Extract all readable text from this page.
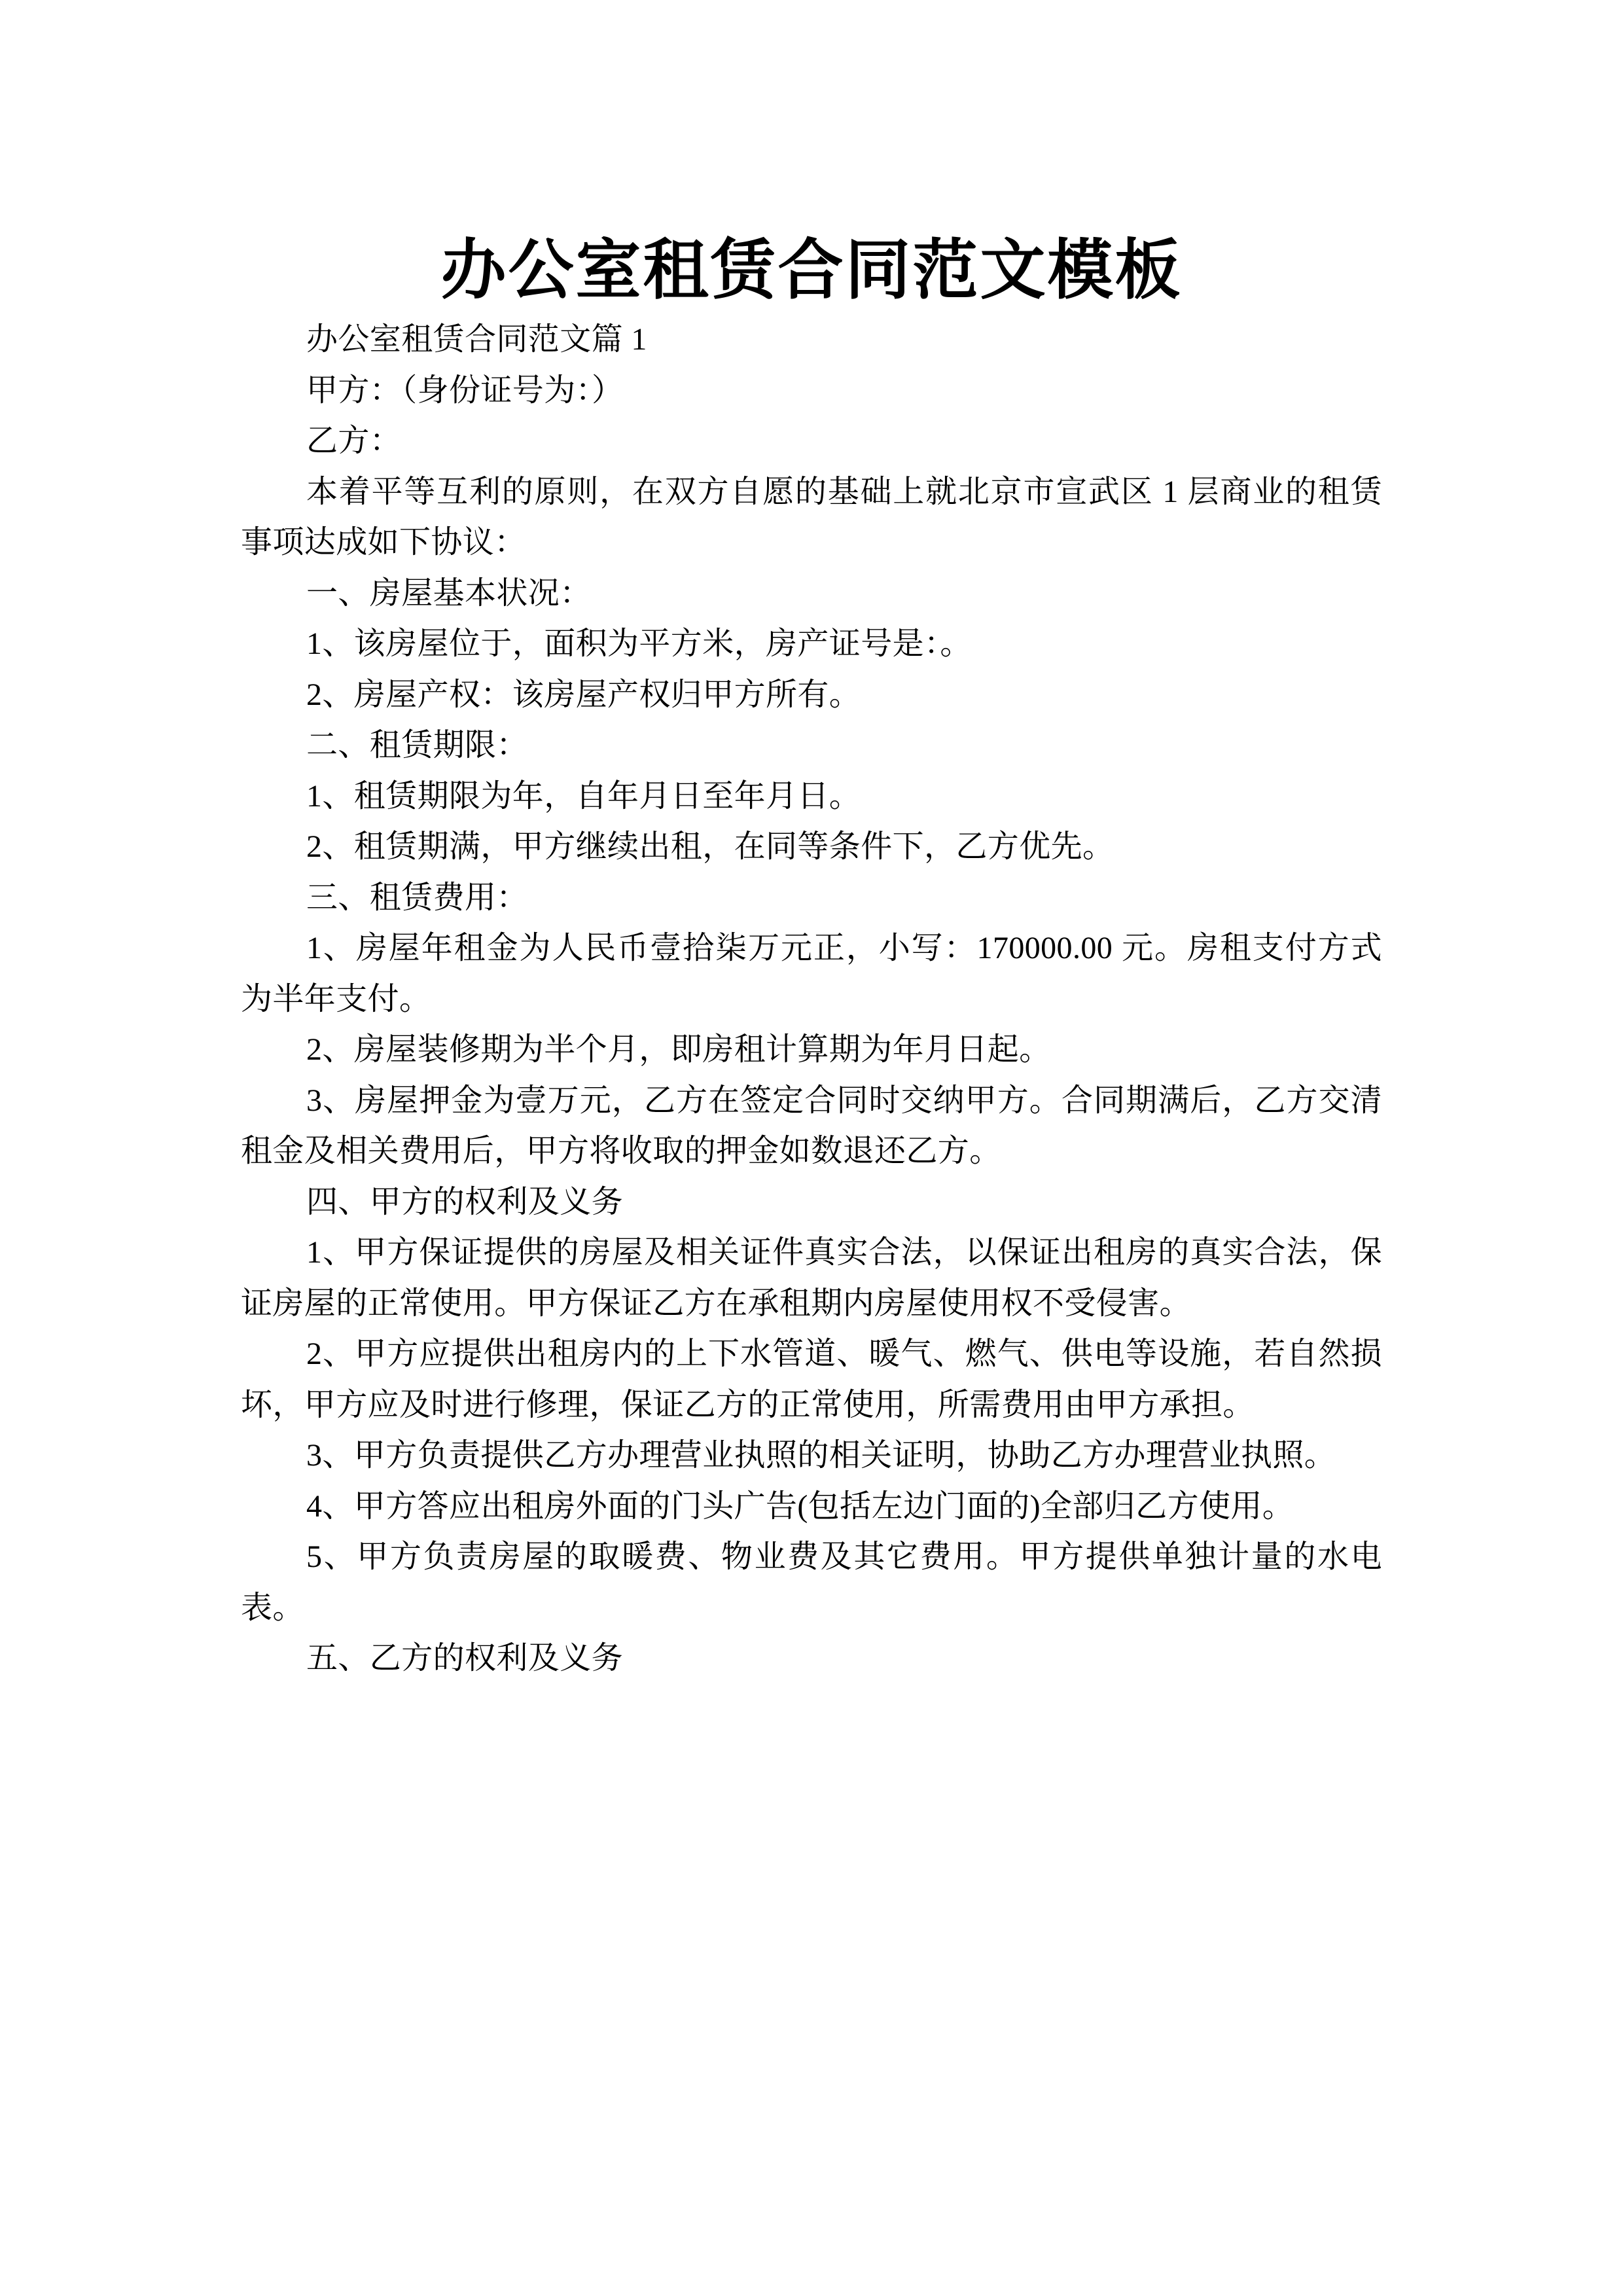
办公室租赁合同范文模板

办公室租赁合同范文篇 1

甲方：（身份证号为：）

乙方：

本着平等互利的原则，在双方自愿的基础上就北京市宣武区 1 层商业的租赁事项达成如下协议：

一、房屋基本状况：

1、该房屋位于，面积为平方米，房产证号是：。

2、房屋产权：该房屋产权归甲方所有。

二、租赁期限：

1、租赁期限为年，自年月日至年月日。

2、租赁期满，甲方继续出租，在同等条件下，乙方优先。

三、租赁费用：

1、房屋年租金为人民币壹拾柒万元正，小写：170000.00 元。房租支付方式为半年支付。

2、房屋装修期为半个月，即房租计算期为年月日起。

3、房屋押金为壹万元，乙方在签定合同时交纳甲方。合同期满后，乙方交清租金及相关费用后，甲方将收取的押金如数退还乙方。

四、甲方的权利及义务

1、甲方保证提供的房屋及相关证件真实合法，以保证出租房的真实合法，保证房屋的正常使用。甲方保证乙方在承租期内房屋使用权不受侵害。

2、甲方应提供出租房内的上下水管道、暖气、燃气、供电等设施，若自然损坏，甲方应及时进行修理，保证乙方的正常使用，所需费用由甲方承担。

3、甲方负责提供乙方办理营业执照的相关证明，协助乙方办理营业执照。

4、甲方答应出租房外面的门头广告(包括左边门面的)全部归乙方使用。

5、甲方负责房屋的取暖费、物业费及其它费用。甲方提供单独计量的水电表。

五、乙方的权利及义务
